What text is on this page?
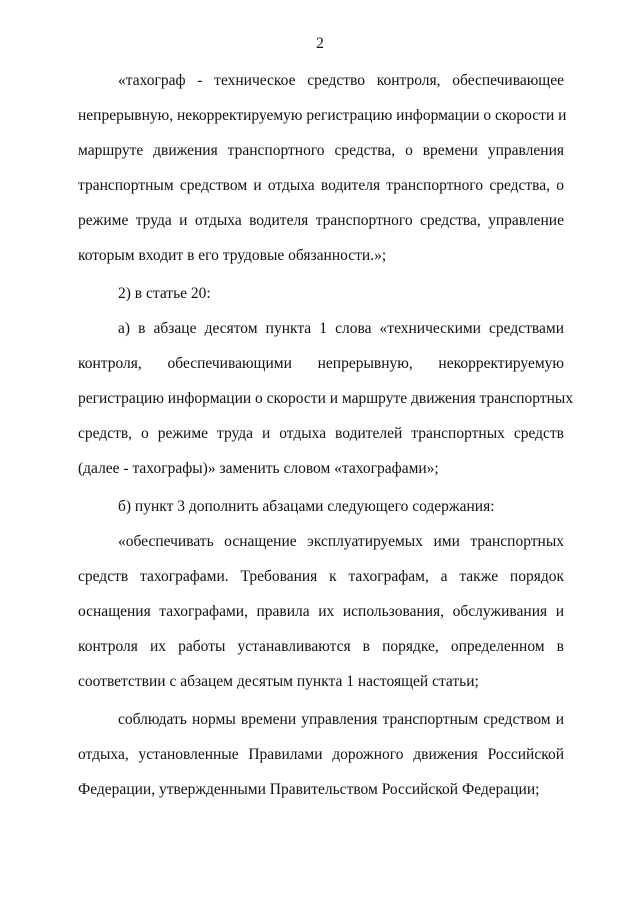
2
«тахограф - техническое средство контроля, обеспечивающее
непрерывную, некорректируемую регистрацию информации о скорости и
маршруте движения транспортного средства, о времени управления
транспортным средством и отдыха водителя транспортного средства, о
режиме труда и отдыха водителя транспортного средства, управление
которым входит в его трудовые обязанности.»;
2) в статье 20:
а) в абзаце десятом пункта 1 слова «техническими средствами
контроля, обеспечивающими непрерывную, некорректируемую
регистрацию информации о скорости и маршруте движения транспортных
средств, о режиме труда и отдыха водителей транспортных средств
(далее - тахографы)» заменить словом «тахографами»;
б) пункт 3 дополнить абзацами следующего содержания:
«обеспечивать оснащение эксплуатируемых ими транспортных
средств тахографами. Требования к тахографам, а также порядок
оснащения тахографами, правила их использования, обслуживания и
контроля их работы устанавливаются в порядке, определенном в
соответствии с абзацем десятым пункта 1 настоящей статьи;
соблюдать нормы времени управления транспортным средством и
отдыха, установленные Правилами дорожного движения Российской
Федерации, утвержденными Правительством Российской Федерации;
